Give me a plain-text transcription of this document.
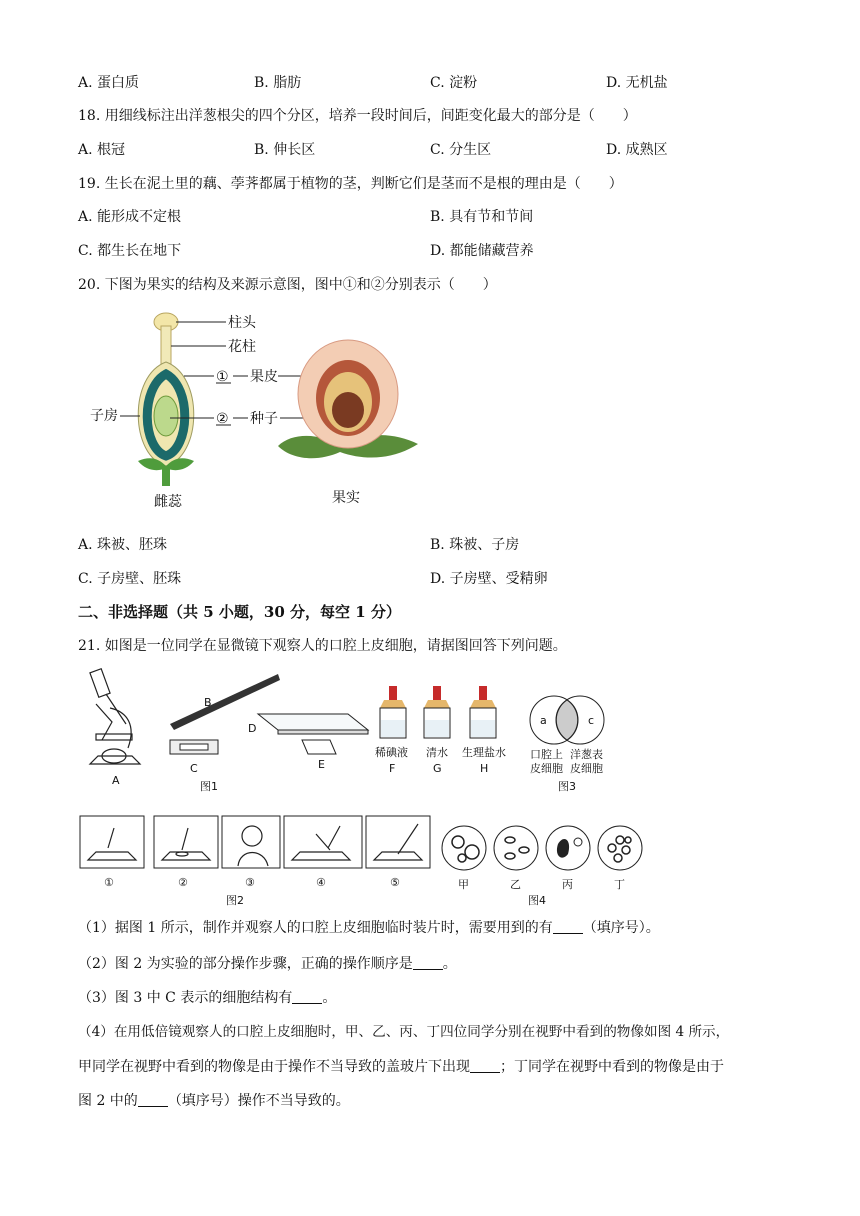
A. 蛋白质	B. 脂肪	C. 淀粉	D. 无机盐
18. 用细线标注出洋葱根尖的四个分区，培养一段时间后，间距变化最大的部分是（　　）
A. 根冠	B. 伸长区	C. 分生区	D. 成熟区
19. 生长在泥土里的藕、荸荠都属于植物的茎，判断它们是茎而不是根的理由是（　　）
A. 能形成不定根	B. 具有节和节间
C. 都生长在地下	D. 都能储藏营养
20. 下图为果实的结构及来源示意图，图中①和②分别表示（　　）
柱头
花柱
① 果皮
② 种子
子房
雌蕊	果实
A. 珠被、胚珠	B. 珠被、子房
C. 子房壁、胚珠	D. 子房壁、受精卵
二、非选择题（共 5 小题，30 分，每空 1 分）
21. 如图是一位同学在显微镜下观察人的口腔上皮细胞，请据图回答下列问题。
A
B
C
D
E
图1
稀碘液
F
清水
G
生理盐水
H
a	c
口腔上
皮细胞
洋葱表
皮细胞
图3
①	②	③	④	⑤
图2
甲	乙	丙	丁
图4
（1）据图 1 所示，制作并观察人的口腔上皮细胞临时装片时，需要用到的有 （填序号）。
（2）图 2 为实验的部分操作步骤，正确的操作顺序是 。
（3）图 3 中 C 表示的细胞结构有 。
（4）在用低倍镜观察人的口腔上皮细胞时，甲、乙、丙、丁四位同学分别在视野中看到的物像如图 4 所示，
甲同学在视野中看到的物像是由于操作不当导致的盖玻片下出现 ；丁同学在视野中看到的物像是由于
图 2 中的 （填序号）操作不当导致的。
